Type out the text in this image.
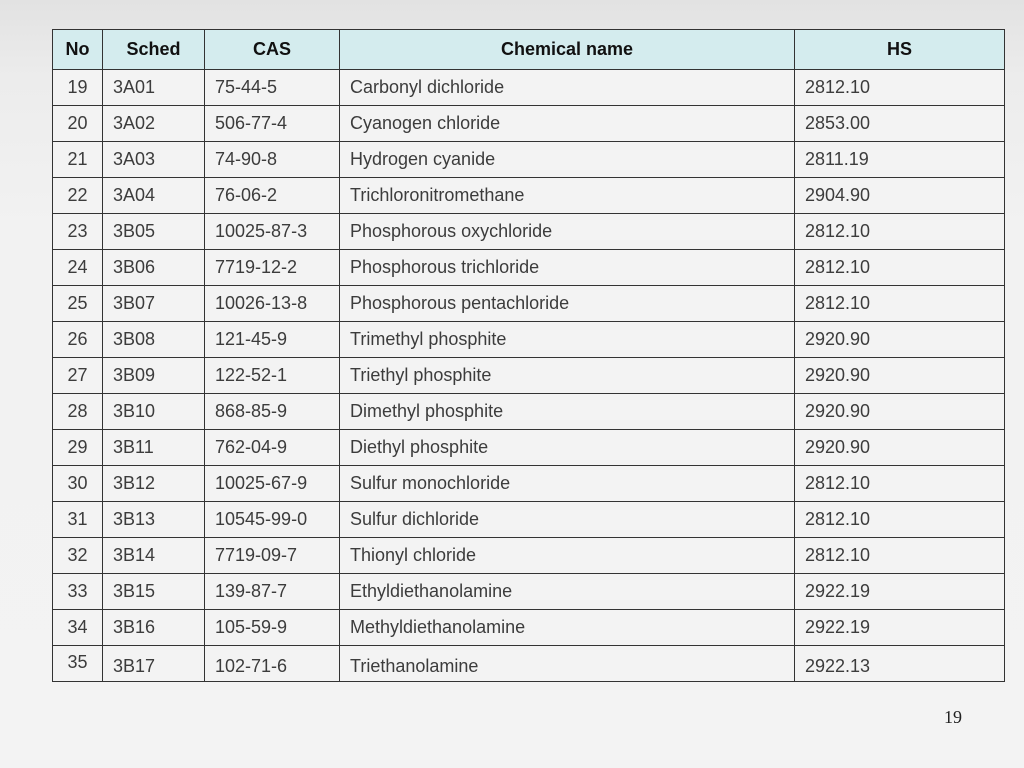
No	Sched	CAS	Chemical name	HS
19	3A01	75-44-5	Carbonyl dichloride	2812.10
20	3A02	506-77-4	Cyanogen chloride	2853.00
21	3A03	74-90-8	Hydrogen cyanide	2811.19
22	3A04	76-06-2	Trichloronitromethane	2904.90
23	3B05	10025-87-3	Phosphorous oxychloride	2812.10
24	3B06	7719-12-2	Phosphorous trichloride	2812.10
25	3B07	10026-13-8	Phosphorous pentachloride	2812.10
26	3B08	121-45-9	Trimethyl phosphite	2920.90
27	3B09	122-52-1	Triethyl phosphite	2920.90
28	3B10	868-85-9	Dimethyl phosphite	2920.90
29	3B11	762-04-9	Diethyl phosphite	2920.90
30	3B12	10025-67-9	Sulfur monochloride	2812.10
31	3B13	10545-99-0	Sulfur dichloride	2812.10
32	3B14	7719-09-7	Thionyl chloride	2812.10
33	3B15	139-87-7	Ethyldiethanolamine	2922.19
34	3B16	105-59-9	Methyldiethanolamine	2922.19
35	3B17	102-71-6	Triethanolamine	2922.13
19
